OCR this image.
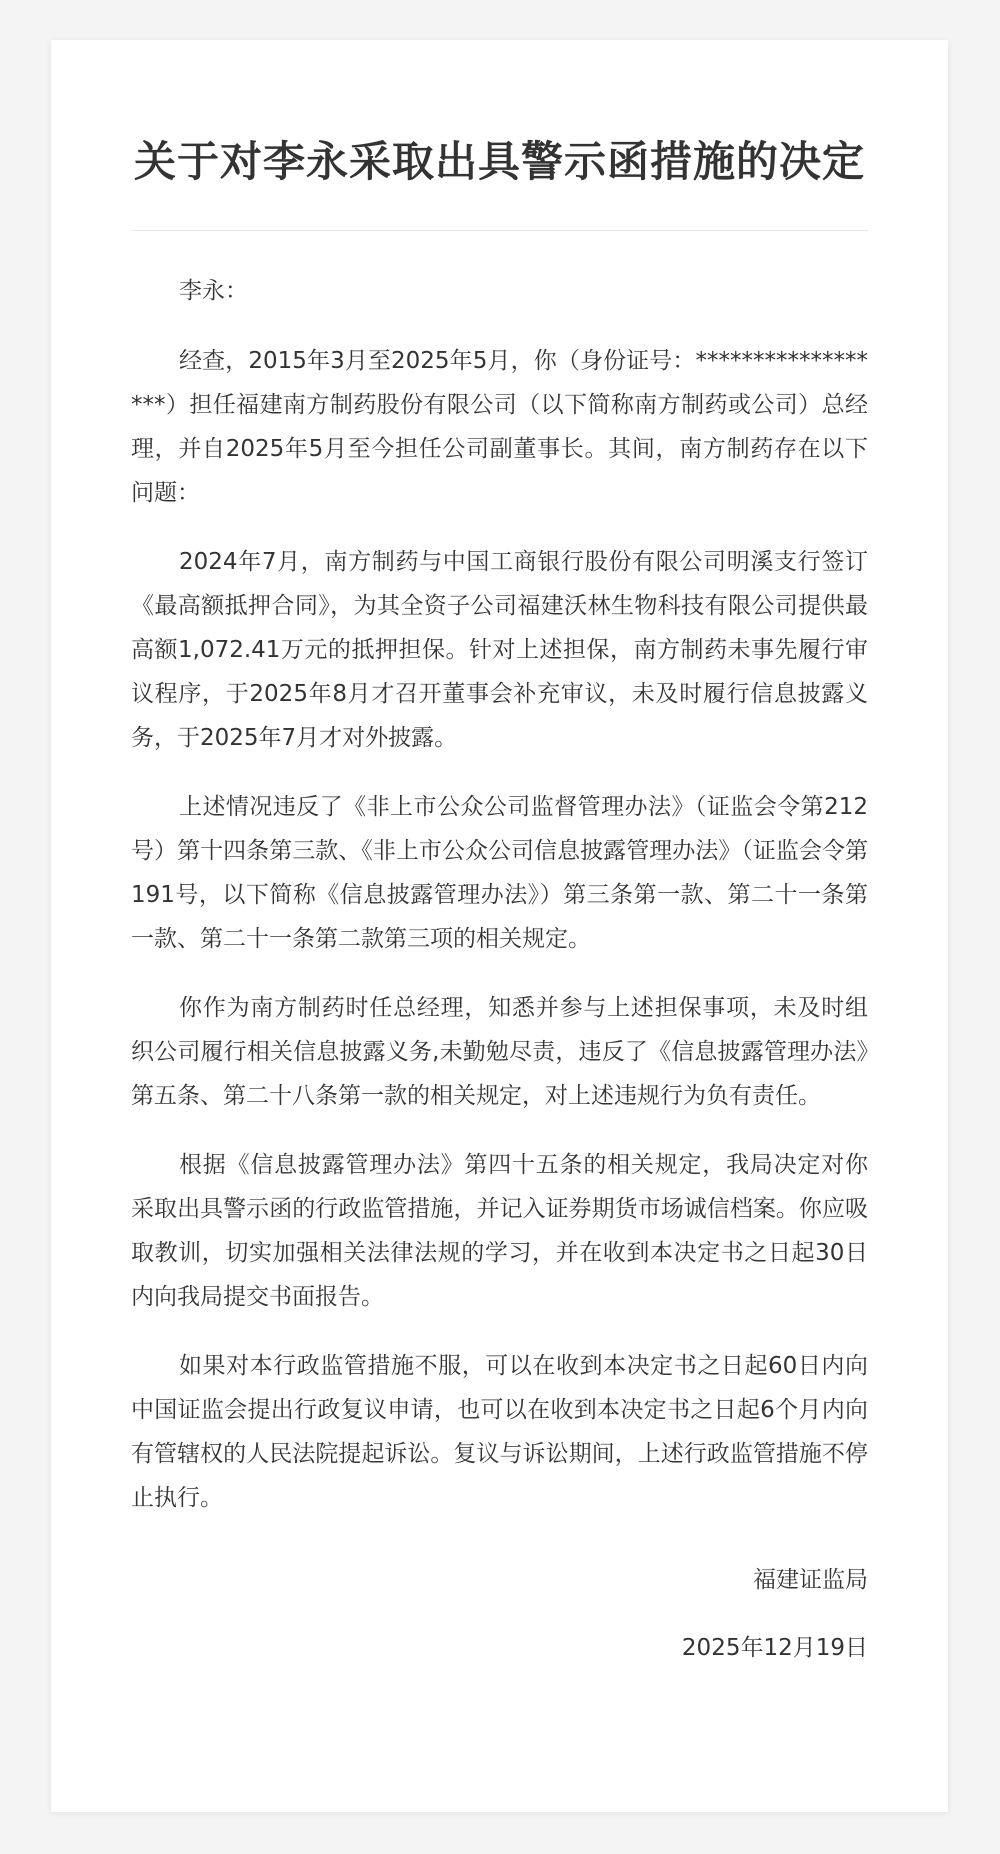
关于对李永采取出具警示函措施的决定

李永：

经查，2015年3月至2025年5月，你（身份证号：******************）担任福建南方制药股份有限公司（以下简称南方制药或公司）总经理，并自2025年5月至今担任公司副董事长。其间，南方制药存在以下问题：

2024年7月，南方制药与中国工商银行股份有限公司明溪支行签订《最高额抵押合同》，为其全资子公司福建沃林生物科技有限公司提供最高额1,072.41万元的抵押担保。针对上述担保，南方制药未事先履行审议程序，于2025年8月才召开董事会补充审议，未及时履行信息披露义务，于2025年7月才对外披露。

上述情况违反了《非上市公众公司监督管理办法》（证监会令第212号）第十四条第三款、《非上市公众公司信息披露管理办法》（证监会令第191号，以下简称《信息披露管理办法》）第三条第一款、第二十一条第一款、第二十一条第二款第三项的相关规定。

你作为南方制药时任总经理，知悉并参与上述担保事项，未及时组织公司履行相关信息披露义务,未勤勉尽责，违反了《信息披露管理办法》第五条、第二十八条第一款的相关规定，对上述违规行为负有责任。

根据《信息披露管理办法》第四十五条的相关规定，我局决定对你采取出具警示函的行政监管措施，并记入证券期货市场诚信档案。你应吸取教训，切实加强相关法律法规的学习，并在收到本决定书之日起30日内向我局提交书面报告。

如果对本行政监管措施不服，可以在收到本决定书之日起60日内向中国证监会提出行政复议申请，也可以在收到本决定书之日起6个月内向有管辖权的人民法院提起诉讼。复议与诉讼期间，上述行政监管措施不停止执行。

福建证监局
2025年12月19日
